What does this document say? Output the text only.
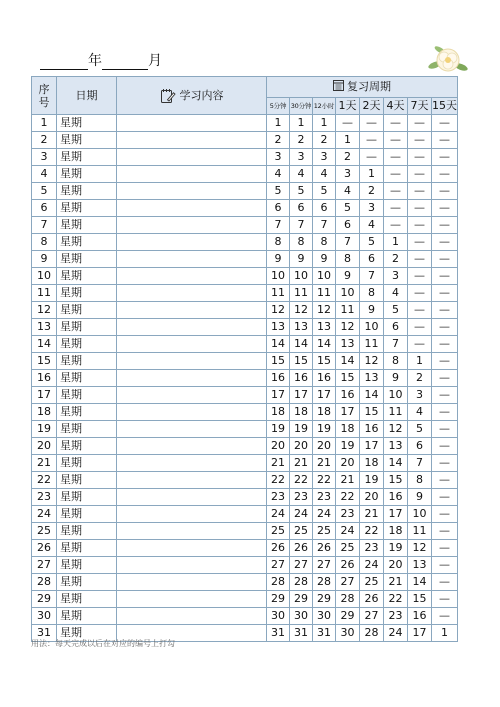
年	月
序
号	日期	学习内容	复习周期							
			5分钟	30分钟	12小时	1天	2天	4天	7天	15天
1	星期		1	1	1	—	—	—	—	—
2	星期		2	2	2	1	—	—	—	—
3	星期		3	3	3	2	—	—	—	—
4	星期		4	4	4	3	1	—	—	—
5	星期		5	5	5	4	2	—	—	—
6	星期		6	6	6	5	3	—	—	—
7	星期		7	7	7	6	4	—	—	—
8	星期		8	8	8	7	5	1	—	—
9	星期		9	9	9	8	6	2	—	—
10	星期		10	10	10	9	7	3	—	—
11	星期		11	11	11	10	8	4	—	—
12	星期		12	12	12	11	9	5	—	—
13	星期		13	13	13	12	10	6	—	—
14	星期		14	14	14	13	11	7	—	—
15	星期		15	15	15	14	12	8	1	—
16	星期		16	16	16	15	13	9	2	—
17	星期		17	17	17	16	14	10	3	—
18	星期		18	18	18	17	15	11	4	—
19	星期		19	19	19	18	16	12	5	—
20	星期		20	20	20	19	17	13	6	—
21	星期		21	21	21	20	18	14	7	—
22	星期		22	22	22	21	19	15	8	—
23	星期		23	23	23	22	20	16	9	—
24	星期		24	24	24	23	21	17	10	—
25	星期		25	25	25	24	22	18	11	—
26	星期		26	26	26	25	23	19	12	—
27	星期		27	27	27	26	24	20	13	—
28	星期		28	28	28	27	25	21	14	—
29	星期		29	29	29	28	26	22	15	—
30	星期		30	30	30	29	27	23	16	—
31	星期		31	31	31	30	28	24	17	1
用法：每天完成以后在对应的编号上打勾
